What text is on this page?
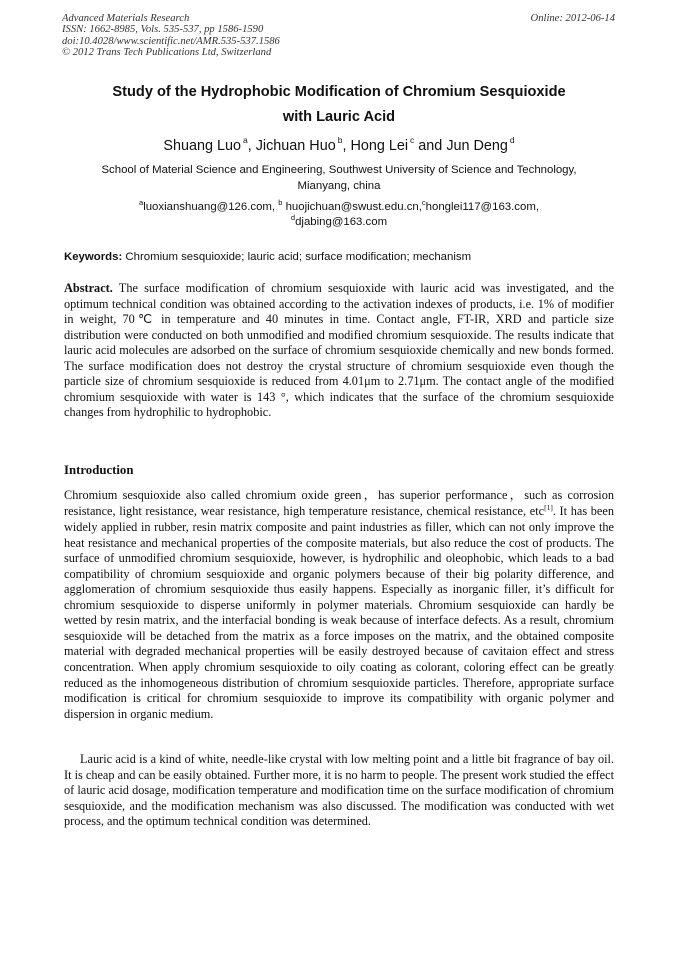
Advanced Materials Research
ISSN: 1662-8985, Vols. 535-537, pp 1586-1590
doi:10.4028/www.scientific.net/AMR.535-537.1586
© 2012 Trans Tech Publications Ltd, Switzerland
Online: 2012-06-14
Study of the Hydrophobic Modification of Chromium Sesquioxide
with Lauric Acid
Shuang Luo $^a$, Jichuan Huo $^b$, Hong Lei $^c$ and Jun Deng $^d$
School of Material Science and Engineering, Southwest University of Science and Technology,
Mianyang, china
$^a$luoxianshuang@126.com, $^b$ huojichuan@swust.edu.cn,$^c$honglei117@163.com,
$^d$djabing@163.com
Keywords: Chromium sesquioxide; lauric acid; surface modification; mechanism
Abstract. The surface modification of chromium sesquioxide with lauric acid was investigated, and the optimum technical condition was obtained according to the activation indexes of products, i.e. 1% of modifier in weight, 70℃ in temperature and 40 minutes in time. Contact angle, FT-IR, XRD and particle size distribution were conducted on both unmodified and modified chromium sesquioxide. The results indicate that lauric acid molecules are adsorbed on the surface of chromium sesquioxide chemically and new bonds formed. The surface modification does not destroy the crystal structure of chromium sesquioxide even though the particle size of chromium sesquioxide is reduced from 4.01μm to 2.71μm. The contact angle of the modified chromium sesquioxide with water is 143 °, which indicates that the surface of the chromium sesquioxide changes from hydrophilic to hydrophobic.
Introduction
Chromium sesquioxide also called chromium oxide green，has superior performance，such as corrosion resistance, light resistance, wear resistance, high temperature resistance, chemical resistance, etc[1]. It has been widely applied in rubber, resin matrix composite and paint industries as filler, which can not only improve the heat resistance and mechanical properties of the composite materials, but also reduce the cost of products. The surface of unmodified chromium sesquioxide, however, is hydrophilic and oleophobic, which leads to a bad compatibility of chromium sesquioxide and organic polymers because of their big polarity difference, and agglomeration of chromium sesquioxide thus easily happens. Especially as inorganic filler, it’s difficult for chromium sesquioxide to disperse uniformly in polymer materials. Chromium sesquioxide can hardly be wetted by resin matrix, and the interfacial bonding is weak because of interface defects. As a result, chromium sesquioxide will be detached from the matrix as a force imposes on the matrix, and the obtained composite material with degraded mechanical properties will be easily destroyed because of cavitaion effect and stress concentration. When apply chromium sesquioxide to oily coating as colorant, coloring effect can be greatly reduced as the inhomogeneous distribution of chromium sesquioxide particles. Therefore, appropriate surface modification is critical for chromium sesquioxide to improve its compatibility with organic polymer and dispersion in organic medium.
Lauric acid is a kind of white, needle-like crystal with low melting point and a little bit fragrance of bay oil. It is cheap and can be easily obtained. Further more, it is no harm to people. The present work studied the effect of lauric acid dosage, modification temperature and modification time on the surface modification of chromium sesquioxide, and the modification mechanism was also discussed. The modification was conducted with wet process, and the optimum technical condition was determined.
